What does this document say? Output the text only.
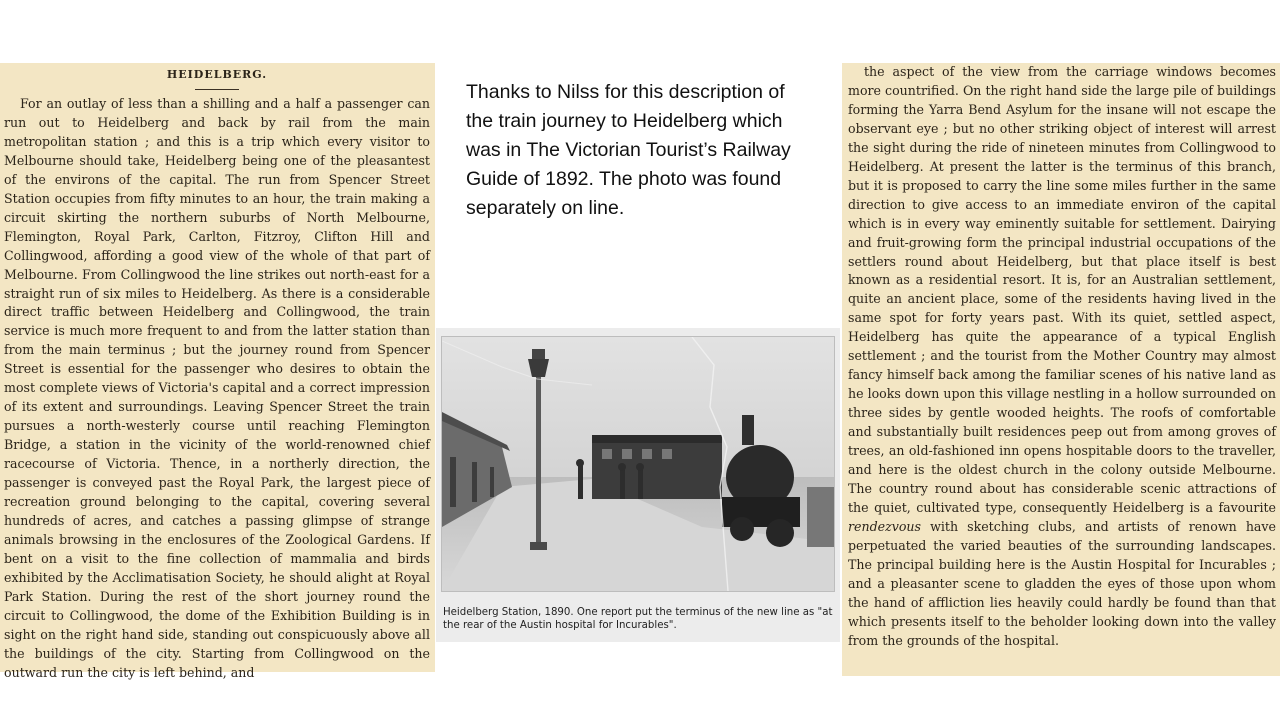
HEIDELBERG.

For an outlay of less than a shilling and a half a passenger can run out to Heidelberg and back by rail from the main metropolitan station ; and this is a trip which every visitor to Melbourne should take, Heidelberg being one of the pleasantest of the environs of the capital. The run from Spencer Street Station occupies from fifty minutes to an hour, the train making a circuit skirting the northern suburbs of North Melbourne, Flemington, Royal Park, Carlton, Fitzroy, Clifton Hill and Collingwood, affording a good view of the whole of that part of Melbourne. From Collingwood the line strikes out north-east for a straight run of six miles to Heidelberg. As there is a considerable direct traffic between Heidelberg and Collingwood, the train service is much more frequent to and from the latter station than from the main terminus ; but the journey round from Spencer Street is essential for the passenger who desires to obtain the most complete views of Victoria's capital and a correct impression of its extent and surroundings. Leaving Spencer Street the train pursues a north-westerly course until reaching Flemington Bridge, a station in the vicinity of the world-renowned chief racecourse of Victoria. Thence, in a northerly direction, the passenger is conveyed past the Royal Park, the largest piece of recreation ground belonging to the capital, covering several hundreds of acres, and catches a passing glimpse of strange animals browsing in the enclosures of the Zoological Gardens. If bent on a visit to the fine collection of mammalia and birds exhibited by the Acclimatisation Society, he should alight at Royal Park Station. During the rest of the short journey round the circuit to Collingwood, the dome of the Exhibition Building is in sight on the right hand side, standing out conspicuously above all the buildings of the city. Starting from Collingwood on the outward run the city is left behind, and

Thanks to Nilss for this description of the train journey to Heidelberg which was in The Victorian Tourist’s Railway Guide of 1892. The photo was found separately on line.

Heidelberg Station, 1890. One report put the terminus of the new line as "at the rear of the Austin hospital for Incurables".

the aspect of the view from the carriage windows becomes more countrified. On the right hand side the large pile of buildings forming the Yarra Bend Asylum for the insane will not escape the observant eye ; but no other striking object of interest will arrest the sight during the ride of nineteen minutes from Collingwood to Heidelberg. At present the latter is the terminus of this branch, but it is proposed to carry the line some miles further in the same direction to give access to an immediate environ of the capital which is in every way eminently suitable for settlement. Dairying and fruit-growing form the principal industrial occupations of the settlers round about Heidelberg, but that place itself is best known as a residential resort. It is, for an Australian settlement, quite an ancient place, some of the residents having lived in the same spot for forty years past. With its quiet, settled aspect, Heidelberg has quite the appearance of a typical English settlement ; and the tourist from the Mother Country may almost fancy himself back among the familiar scenes of his native land as he looks down upon this village nestling in a hollow surrounded on three sides by gentle wooded heights. The roofs of comfortable and substantially built residences peep out from among groves of trees, an old-fashioned inn opens hospitable doors to the traveller, and here is the oldest church in the colony outside Melbourne. The country round about has considerable scenic attractions of the quiet, cultivated type, consequently Heidelberg is a favourite rendezvous with sketching clubs, and artists of renown have perpetuated the varied beauties of the surrounding landscapes. The principal building here is the Austin Hospital for Incurables ; and a pleasanter scene to gladden the eyes of those upon whom the hand of affliction lies heavily could hardly be found than that which presents itself to the beholder looking down into the valley from the grounds of the hospital.
